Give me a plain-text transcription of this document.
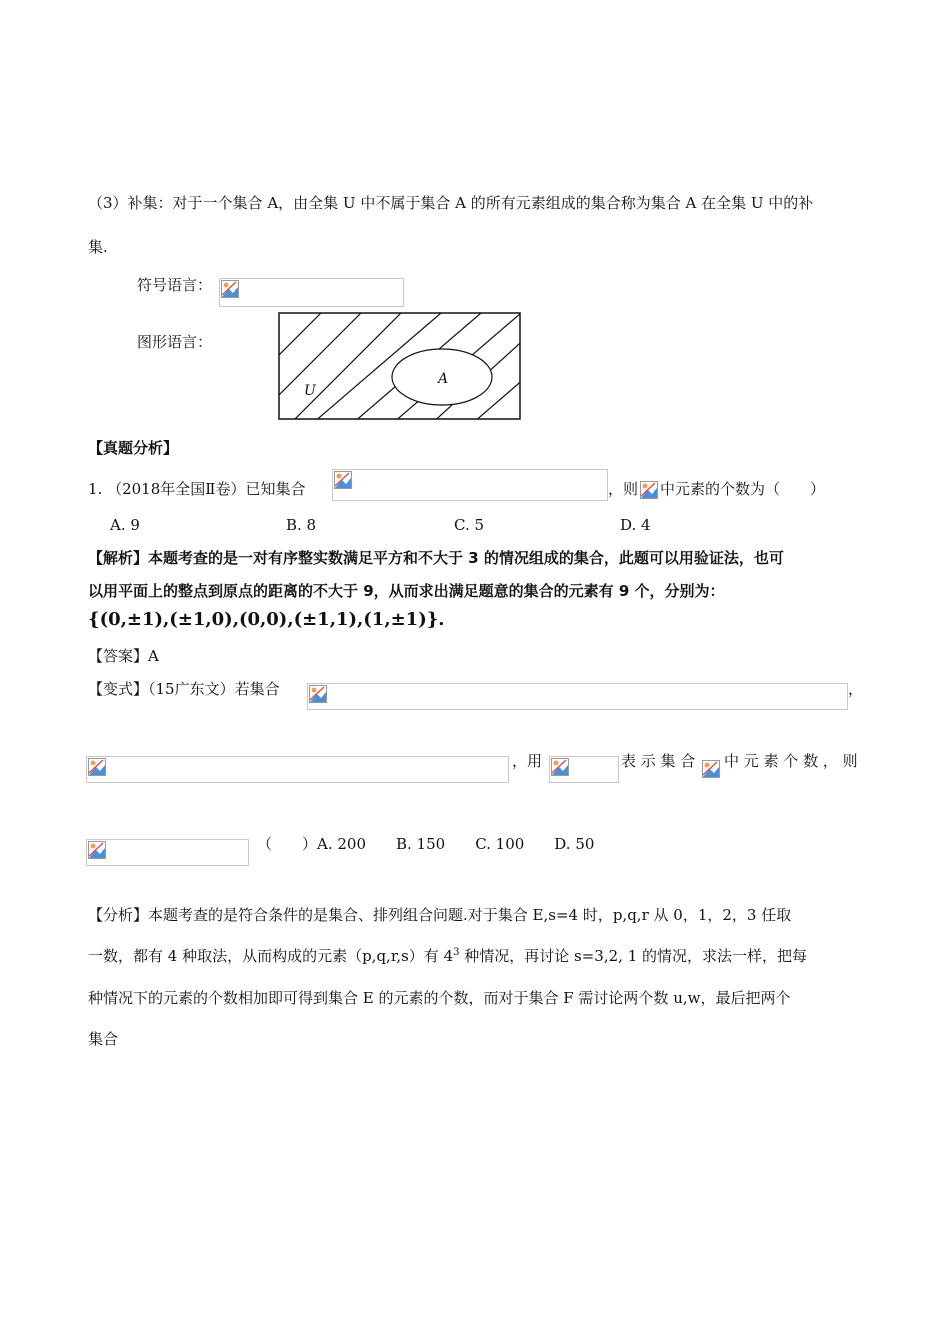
（3）补集：对于一个集合 A，由全集 U 中不属于集合 A 的所有元素组成的集合称为集合 A 在全集 U 中的补
集.
符号语言：
图形语言：
U
A
【真题分析】
1. （2018年全国Ⅱ卷）已知集合	，则 中元素的个数为（　　）
A. 9	B. 8	C. 5	D. 4
【解析】本题考查的是一对有序整实数满足平方和不大于 3 的情况组成的集合，此题可以用验证法，也可
以用平面上的整点到原点的距离的不大于 9，从而求出满足题意的集合的元素有 9 个，分别为：
{(0,±1),(±1,0),(0,0),(±1,1),(1,±1)}.
【答案】A
【变式】（15广东文）若集合	，
，用	表 示 集 合 中 元 素 个 数 ， 则
（　　）A. 200　　B. 150　　C. 100　　D. 50
【分析】本题考查的是符合条件的是集合、排列组合问题.对于集合 E,s=4 时，p,q,r 从 0，1，2，3 任取
一数，都有 4 种取法，从而构成的元素（p,q,r,s）有 $4^3$ 种情况，再讨论 s=3,2, 1 的情况，求法一样，把每
种情况下的元素的个数相加即可得到集合 E 的元素的个数，而对于集合 F 需讨论两个数 u,w，最后把两个
集合
